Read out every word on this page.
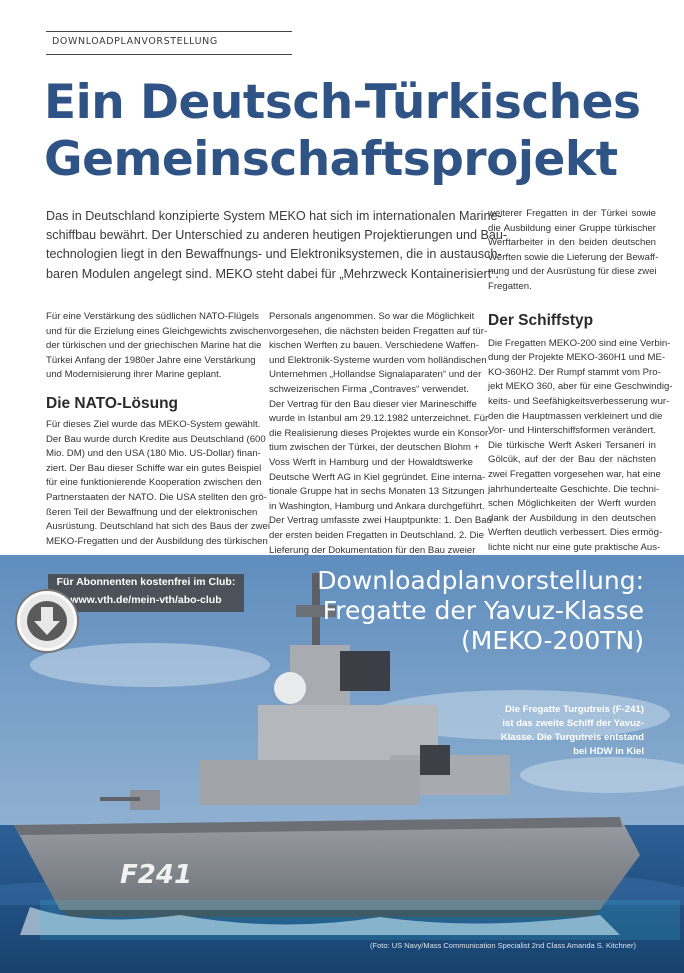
DOWNLOADPLANVORSTELLUNG
Ein Deutsch-Türkisches
Gemeinschaftsprojekt
Das in Deutschland konzipierte System MEKO hat sich im internationalen Marine-
schiffbau bewährt. Der Unterschied zu anderen heutigen Projektierungen und Bau-
technologien liegt in den Bewaffnungs- und Elektroniksystemen, die in austausch-
baren Modulen angelegt sind. MEKO steht dabei für „Mehrzweck Kontainerisiert“.
Für eine Verstärkung des südlichen NATO-Flügels
und für die Erzielung eines Gleichgewichts zwischen
der türkischen und der griechischen Marine hat die
Türkei Anfang der 1980er Jahre eine Verstärkung
und Modernisierung ihrer Marine geplant.
Die NATO-Lösung
Für dieses Ziel wurde das MEKO-System gewählt.
Der Bau wurde durch Kredite aus Deutschland (600
Mio. DM) und den USA (180 Mio. US-Dollar) finan-
ziert. Der Bau dieser Schiffe war ein gutes Beispiel
für eine funktionierende Kooperation zwischen den
Partnerstaaten der NATO. Die USA stellten den grö-
ßeren Teil der Bewaffnung und der elektronischen
Ausrüstung. Deutschland hat sich des Baus der zwei
MEKO-Fregatten und der Ausbildung des türkischen
Personals angenommen. So war die Möglichkeit
vorgesehen, die nächsten beiden Fregatten auf tür-
kischen Werften zu bauen. Verschiedene Waffen-
und Elektronik-Systeme wurden vom holländischen
Unternehmen „Hollandse Signalaparaten“ und der
schweizerischen Firma „Contraves“ verwendet.
Der Vertrag für den Bau dieser vier Marineschiffe
wurde in Istanbul am 29.12.1982 unterzeichnet. Für
die Realisierung dieses Projektes wurde ein Konsor-
tium zwischen der Türkei, der deutschen Blohm +
Voss Werft in Hamburg und der Howaldtswerke
Deutsche Werft AG in Kiel gegründet. Eine interna-
tionale Gruppe hat in sechs Monaten 13 Sitzungen
in Washington, Hamburg und Ankara durchgeführt.
Der Vertrag umfasste zwei Hauptpunkte: 1. Den Bau
der ersten beiden Fregatten in Deutschland. 2. Die
Lieferung der Dokumentation für den Bau zweier
weiterer Fregatten in der Türkei sowie
die Ausbildung einer Gruppe türkischer
Werftarbeiter in den beiden deutschen
Werften sowie die Lieferung der Bewaff-
nung und der Ausrüstung für diese zwei
Fregatten.
Der Schiffstyp
Die Fregatten MEKO-200 sind eine Verbin-
dung der Projekte MEKO-360H1 und ME-
KO-360H2. Der Rumpf stammt vom Pro-
jekt MEKO 360, aber für eine Geschwindig-
keits- und Seefähigkeitsverbesserung wur-
den die Hauptmassen verkleinert und die
Vor- und Hinterschiffsformen verändert.
Die türkische Werft Askeri Tersaneri in
Gölcük, auf der der Bau der nächsten
zwei Fregatten vorgesehen war, hat eine
jahrhundertealte Geschichte. Die techni-
schen Möglichkeiten der Werft wurden
dank der Ausbildung in den deutschen
Werften deutlich verbessert. Dies ermög-
lichte nicht nur eine gute praktische Aus-
F241
Für Abonnenten kostenfrei im Club:
www.vth.de/mein-vth/abo-club
Downloadplanvorstellung:
Fregatte der Yavuz-Klasse
(MEKO-200TN)
Die Fregatte Turgutreis (F-241)
ist das zweite Schiff der Yavuz-
Klasse. Die Turgutreis entstand
bei HDW in Kiel
(Foto: US Navy/Mass Communication Specialist 2nd Class Amanda S. Kitchner)
